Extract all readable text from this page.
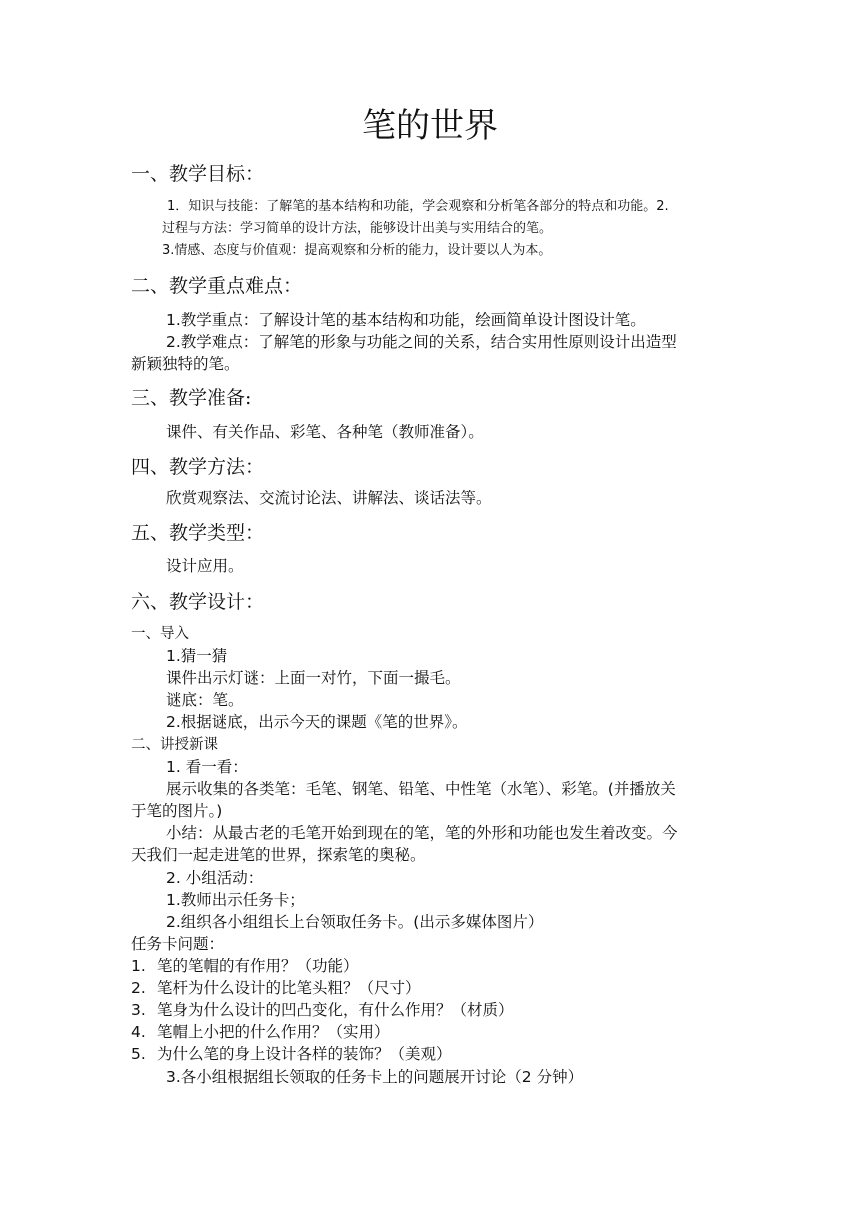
笔的世界
一、教学目标：
1．知识与技能：了解笔的基本结构和功能，学会观察和分析笔各部分的特点和功能。2.
过程与方法：学习简单的设计方法，能够设计出美与实用结合的笔。
3.情感、态度与价值观：提高观察和分析的能力，设计要以人为本。
二、教学重点难点：
1.教学重点：了解设计笔的基本结构和功能，绘画简单设计图设计笔。
2.教学难点：了解笔的形象与功能之间的关系，结合实用性原则设计出造型
新颖独特的笔。
三、教学准备:
课件、有关作品、彩笔、各种笔（教师准备）。
四、教学方法：
欣赏观察法、交流讨论法、讲解法、谈话法等。
五、教学类型：
设计应用。
六、教学设计：
一、导入
1.猜一猜
课件出示灯谜：上面一对竹，下面一撮毛。
谜底：笔。
2.根据谜底，出示今天的课题《笔的世界》。
二、讲授新课
1. 看一看：
展示收集的各类笔：毛笔、钢笔、铅笔、中性笔（水笔）、彩笔。(并播放关
于笔的图片。)
小结：从最古老的毛笔开始到现在的笔，笔的外形和功能也发生着改变。今
天我们一起走进笔的世界，探索笔的奥秘。
2. 小组活动：
1.教师出示任务卡；
2.组织各小组组长上台领取任务卡。(出示多媒体图片）
任务卡问题：
1. 笔的笔帽的有作用？（功能）
2. 笔杆为什么设计的比笔头粗？（尺寸）
3. 笔身为什么设计的凹凸变化，有什么作用？（材质）
4. 笔帽上小把的什么作用？（实用）
5. 为什么笔的身上设计各样的装饰？（美观）
3.各小组根据组长领取的任务卡上的问题展开讨论（2 分钟）
